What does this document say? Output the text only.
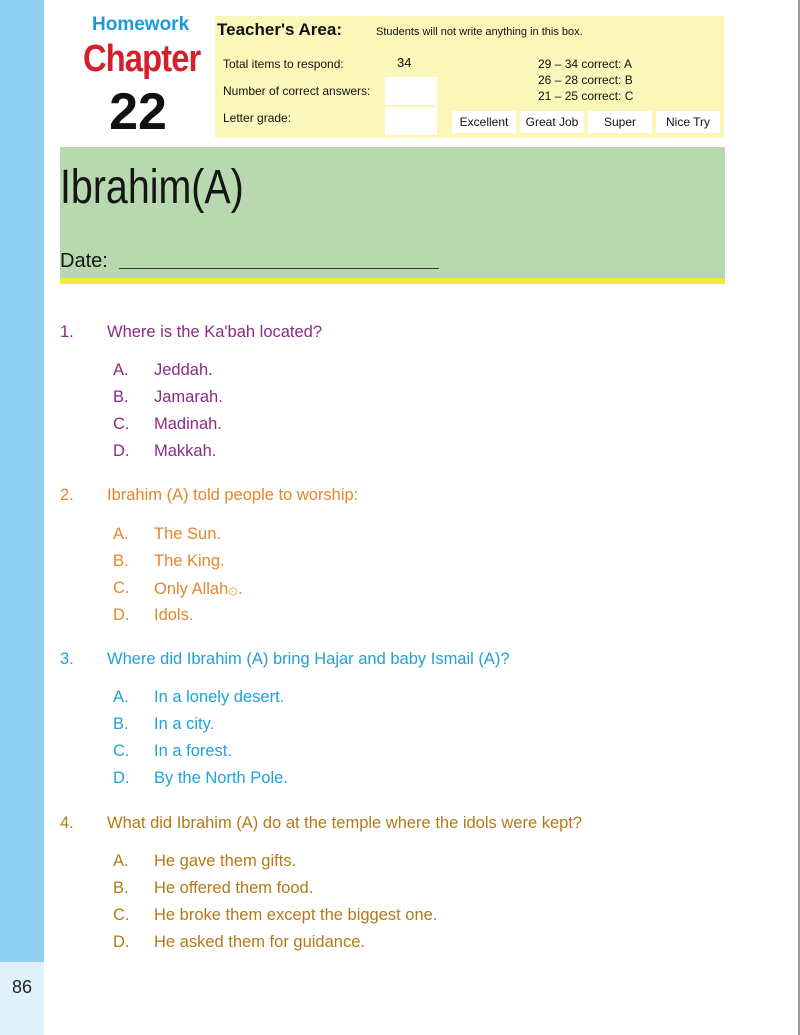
86
Homework
Chapter
22
Teacher's Area:	Students will not write anything in this box.
Total items to respond:	34
Number of correct answers:
Letter grade:
29 – 34 correct: A
26 – 28 correct: B
21 – 25 correct: C
Excellent	Great Job	Super	Nice Try
Ibrahim(A)
Date:
1. Where is the Ka'bah located?
A. Jeddah.
B. Jamarah.
C. Madinah.
D. Makkah.
2. Ibrahim (A) told people to worship:
A. The Sun.
B. The King.
C. Only Allah۞.
D. Idols.
3. Where did Ibrahim (A) bring Hajar and baby Ismail (A)?
A. In a lonely desert.
B. In a city.
C. In a forest.
D. By the North Pole.
4. What did Ibrahim (A) do at the temple where the idols were kept?
A. He gave them gifts.
B. He offered them food.
C. He broke them except the biggest one.
D. He asked them for guidance.
